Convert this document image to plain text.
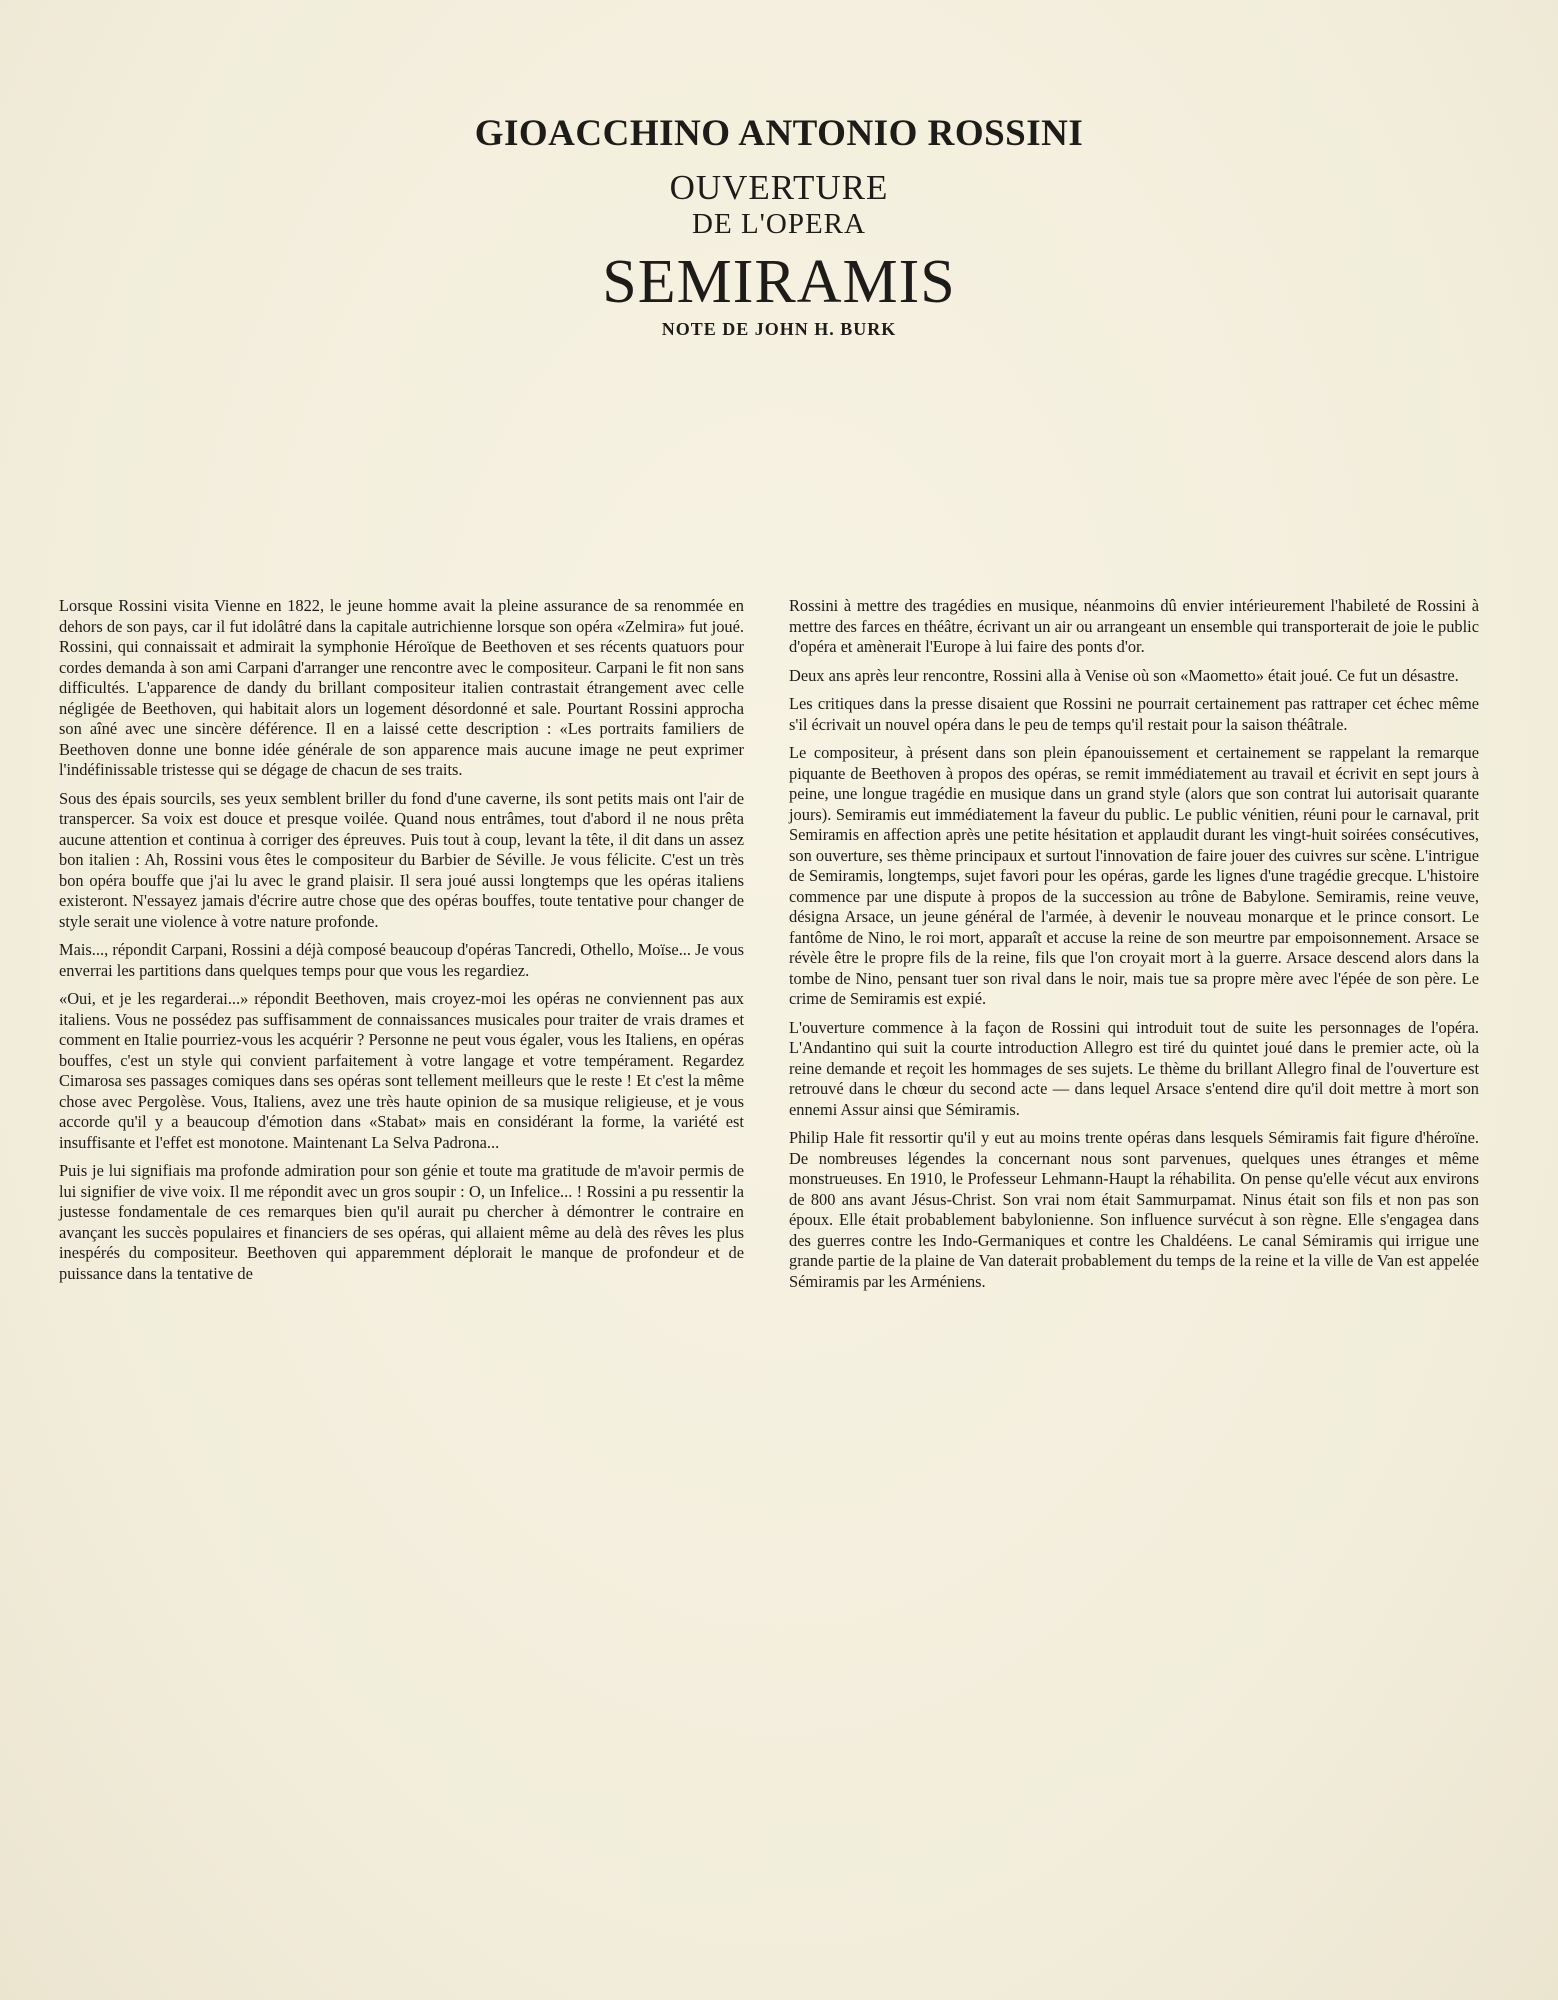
GIOACCHINO ANTONIO ROSSINI
OUVERTURE
DE L'OPERA
SEMIRAMIS
NOTE DE JOHN H. BURK

Lorsque Rossini visita Vienne en 1822, le jeune homme avait la pleine assurance de sa renommée en dehors de son pays, car il fut idolâtré dans la capitale autrichienne lorsque son opéra «Zelmira» fut joué. Rossini, qui connaissait et admirait la symphonie Héroïque de Beethoven et ses récents quatuors pour cordes demanda à son ami Carpani d'arranger une rencontre avec le compositeur. Carpani le fit non sans difficultés. L'apparence de dandy du brillant compositeur italien contrastait étrangement avec celle négligée de Beethoven, qui habitait alors un logement désordonné et sale. Pourtant Rossini approcha son aîné avec une sincère déférence. Il en a laissé cette description : «Les portraits familiers de Beethoven donne une bonne idée générale de son apparence mais aucune image ne peut exprimer l'indéfinissable tristesse qui se dégage de chacun de ses traits.

Sous des épais sourcils, ses yeux semblent briller du fond d'une caverne, ils sont petits mais ont l'air de transpercer. Sa voix est douce et presque voilée. Quand nous entrâmes, tout d'abord il ne nous prêta aucune attention et continua à corriger des épreuves. Puis tout à coup, levant la tête, il dit dans un assez bon italien : Ah, Rossini vous êtes le compositeur du Barbier de Séville. Je vous félicite. C'est un très bon opéra bouffe que j'ai lu avec le grand plaisir. Il sera joué aussi longtemps que les opéras italiens existeront. N'essayez jamais d'écrire autre chose que des opéras bouffes, toute tentative pour changer de style serait une violence à votre nature profonde.

Mais..., répondit Carpani, Rossini a déjà composé beaucoup d'opéras Tancredi, Othello, Moïse... Je vous enverrai les partitions dans quelques temps pour que vous les regardiez.

«Oui, et je les regarderai...» répondit Beethoven, mais croyez-moi les opéras ne conviennent pas aux italiens. Vous ne possédez pas suffisamment de connaissances musicales pour traiter de vrais drames et comment en Italie pourriez-vous les acquérir ? Personne ne peut vous égaler, vous les Italiens, en opéras bouffes, c'est un style qui convient parfaitement à votre langage et votre tempérament. Regardez Cimarosa ses passages comiques dans ses opéras sont tellement meilleurs que le reste ! Et c'est la même chose avec Pergolèse. Vous, Italiens, avez une très haute opinion de sa musique religieuse, et je vous accorde qu'il y a beaucoup d'émotion dans «Stabat» mais en considérant la forme, la variété est insuffisante et l'effet est monotone. Maintenant La Selva Padrona...

Puis je lui signifiais ma profonde admiration pour son génie et toute ma gratitude de m'avoir permis de lui signifier de vive voix. Il me répondit avec un gros soupir : O, un Infelice... ! Rossini a pu ressentir la justesse fondamentale de ces remarques bien qu'il aurait pu chercher à démontrer le contraire en avançant les succès populaires et financiers de ses opéras, qui allaient même au delà des rêves les plus inespérés du compositeur. Beethoven qui apparemment déplorait le manque de profondeur et de puissance dans la tentative de

Rossini à mettre des tragédies en musique, néanmoins dû envier intérieurement l'habileté de Rossini à mettre des farces en théâtre, écrivant un air ou arrangeant un ensemble qui transporterait de joie le public d'opéra et amènerait l'Europe à lui faire des ponts d'or.

Deux ans après leur rencontre, Rossini alla à Venise où son «Maometto» était joué. Ce fut un désastre.

Les critiques dans la presse disaient que Rossini ne pourrait certainement pas rattraper cet échec même s'il écrivait un nouvel opéra dans le peu de temps qu'il restait pour la saison théâtrale.

Le compositeur, à présent dans son plein épanouissement et certainement se rappelant la remarque piquante de Beethoven à propos des opéras, se remit immédiatement au travail et écrivit en sept jours à peine, une longue tragédie en musique dans un grand style (alors que son contrat lui autorisait quarante jours). Semiramis eut immédiatement la faveur du public. Le public vénitien, réuni pour le carnaval, prit Semiramis en affection après une petite hésitation et applaudit durant les vingt-huit soirées consécutives, son ouverture, ses thème principaux et surtout l'innovation de faire jouer des cuivres sur scène. L'intrigue de Semiramis, longtemps, sujet favori pour les opéras, garde les lignes d'une tragédie grecque. L'histoire commence par une dispute à propos de la succession au trône de Babylone. Semiramis, reine veuve, désigna Arsace, un jeune général de l'armée, à devenir le nouveau monarque et le prince consort. Le fantôme de Nino, le roi mort, apparaît et accuse la reine de son meurtre par empoisonnement. Arsace se révèle être le propre fils de la reine, fils que l'on croyait mort à la guerre. Arsace descend alors dans la tombe de Nino, pensant tuer son rival dans le noir, mais tue sa propre mère avec l'épée de son père. Le crime de Semiramis est expié.

L'ouverture commence à la façon de Rossini qui introduit tout de suite les personnages de l'opéra. L'Andantino qui suit la courte introduction Allegro est tiré du quintet joué dans le premier acte, où la reine demande et reçoit les hommages de ses sujets. Le thème du brillant Allegro final de l'ouverture est retrouvé dans le chœur du second acte — dans lequel Arsace s'entend dire qu'il doit mettre à mort son ennemi Assur ainsi que Sémiramis.

Philip Hale fit ressortir qu'il y eut au moins trente opéras dans lesquels Sémiramis fait figure d'héroïne. De nombreuses légendes la concernant nous sont parvenues, quelques unes étranges et même monstrueuses. En 1910, le Professeur Lehmann-Haupt la réhabilita. On pense qu'elle vécut aux environs de 800 ans avant Jésus-Christ. Son vrai nom était Sammurpamat. Ninus était son fils et non pas son époux. Elle était probablement babylonienne. Son influence survécut à son règne. Elle s'engagea dans des guerres contre les Indo-Germaniques et contre les Chaldéens. Le canal Sémiramis qui irrigue une grande partie de la plaine de Van daterait probablement du temps de la reine et la ville de Van est appelée Sémiramis par les Arméniens.
